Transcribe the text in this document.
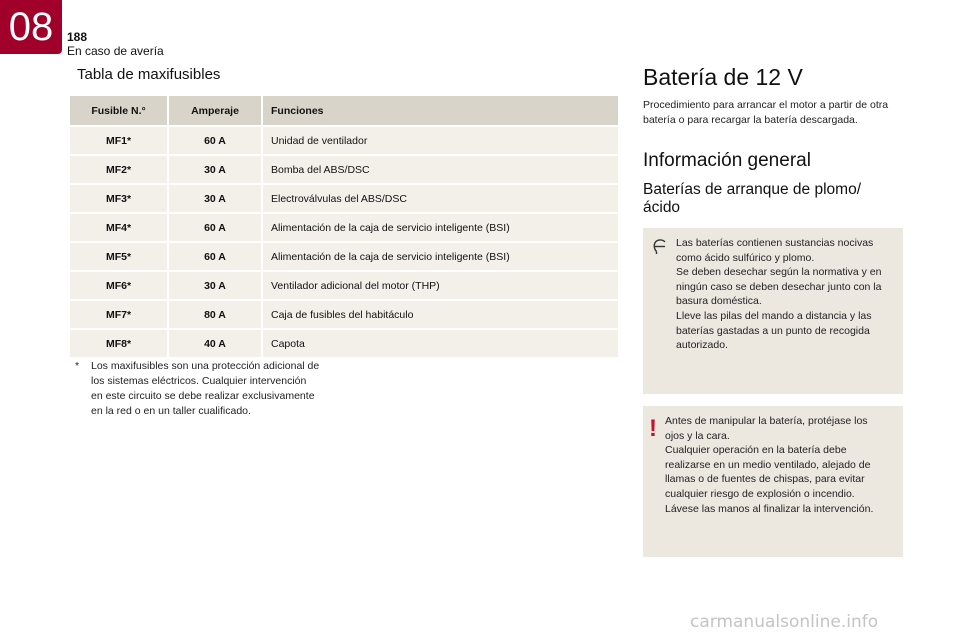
08	188
En caso de avería
Tabla de maxifusibles
Fusible N.°	Amperaje	Funciones
MF1*	60 A	Unidad de ventilador
MF2*	30 A	Bomba del ABS/DSC
MF3*	30 A	Electroválvulas del ABS/DSC
MF4*	60 A	Alimentación de la caja de servicio inteligente (BSI)
MF5*	60 A	Alimentación de la caja de servicio inteligente (BSI)
MF6*	30 A	Ventilador adicional del motor (THP)
MF7*	80 A	Caja de fusibles del habitáculo
MF8*	40 A	Capota
* Los maxifusibles son una protección adicional de
los sistemas eléctricos. Cualquier intervención
en este circuito se debe realizar exclusivamente
en la red o en un taller cualificado.
Batería de 12 V
Procedimiento para arrancar el motor a partir de otra
batería o para recargar la batería descargada.
Información general
Baterías de arranque de plomo/
ácido
Las baterías contienen sustancias nocivas
como ácido sulfúrico y plomo.
Se deben desechar según la normativa y en
ningún caso se deben desechar junto con la
basura doméstica.
Lleve las pilas del mando a distancia y las
baterías gastadas a un punto de recogida
autorizado.
! Antes de manipular la batería, protéjase los
ojos y la cara.
Cualquier operación en la batería debe
realizarse en un medio ventilado, alejado de
llamas o de fuentes de chispas, para evitar
cualquier riesgo de explosión o incendio.
Lávese las manos al finalizar la intervención.
carmanualsonline.info
